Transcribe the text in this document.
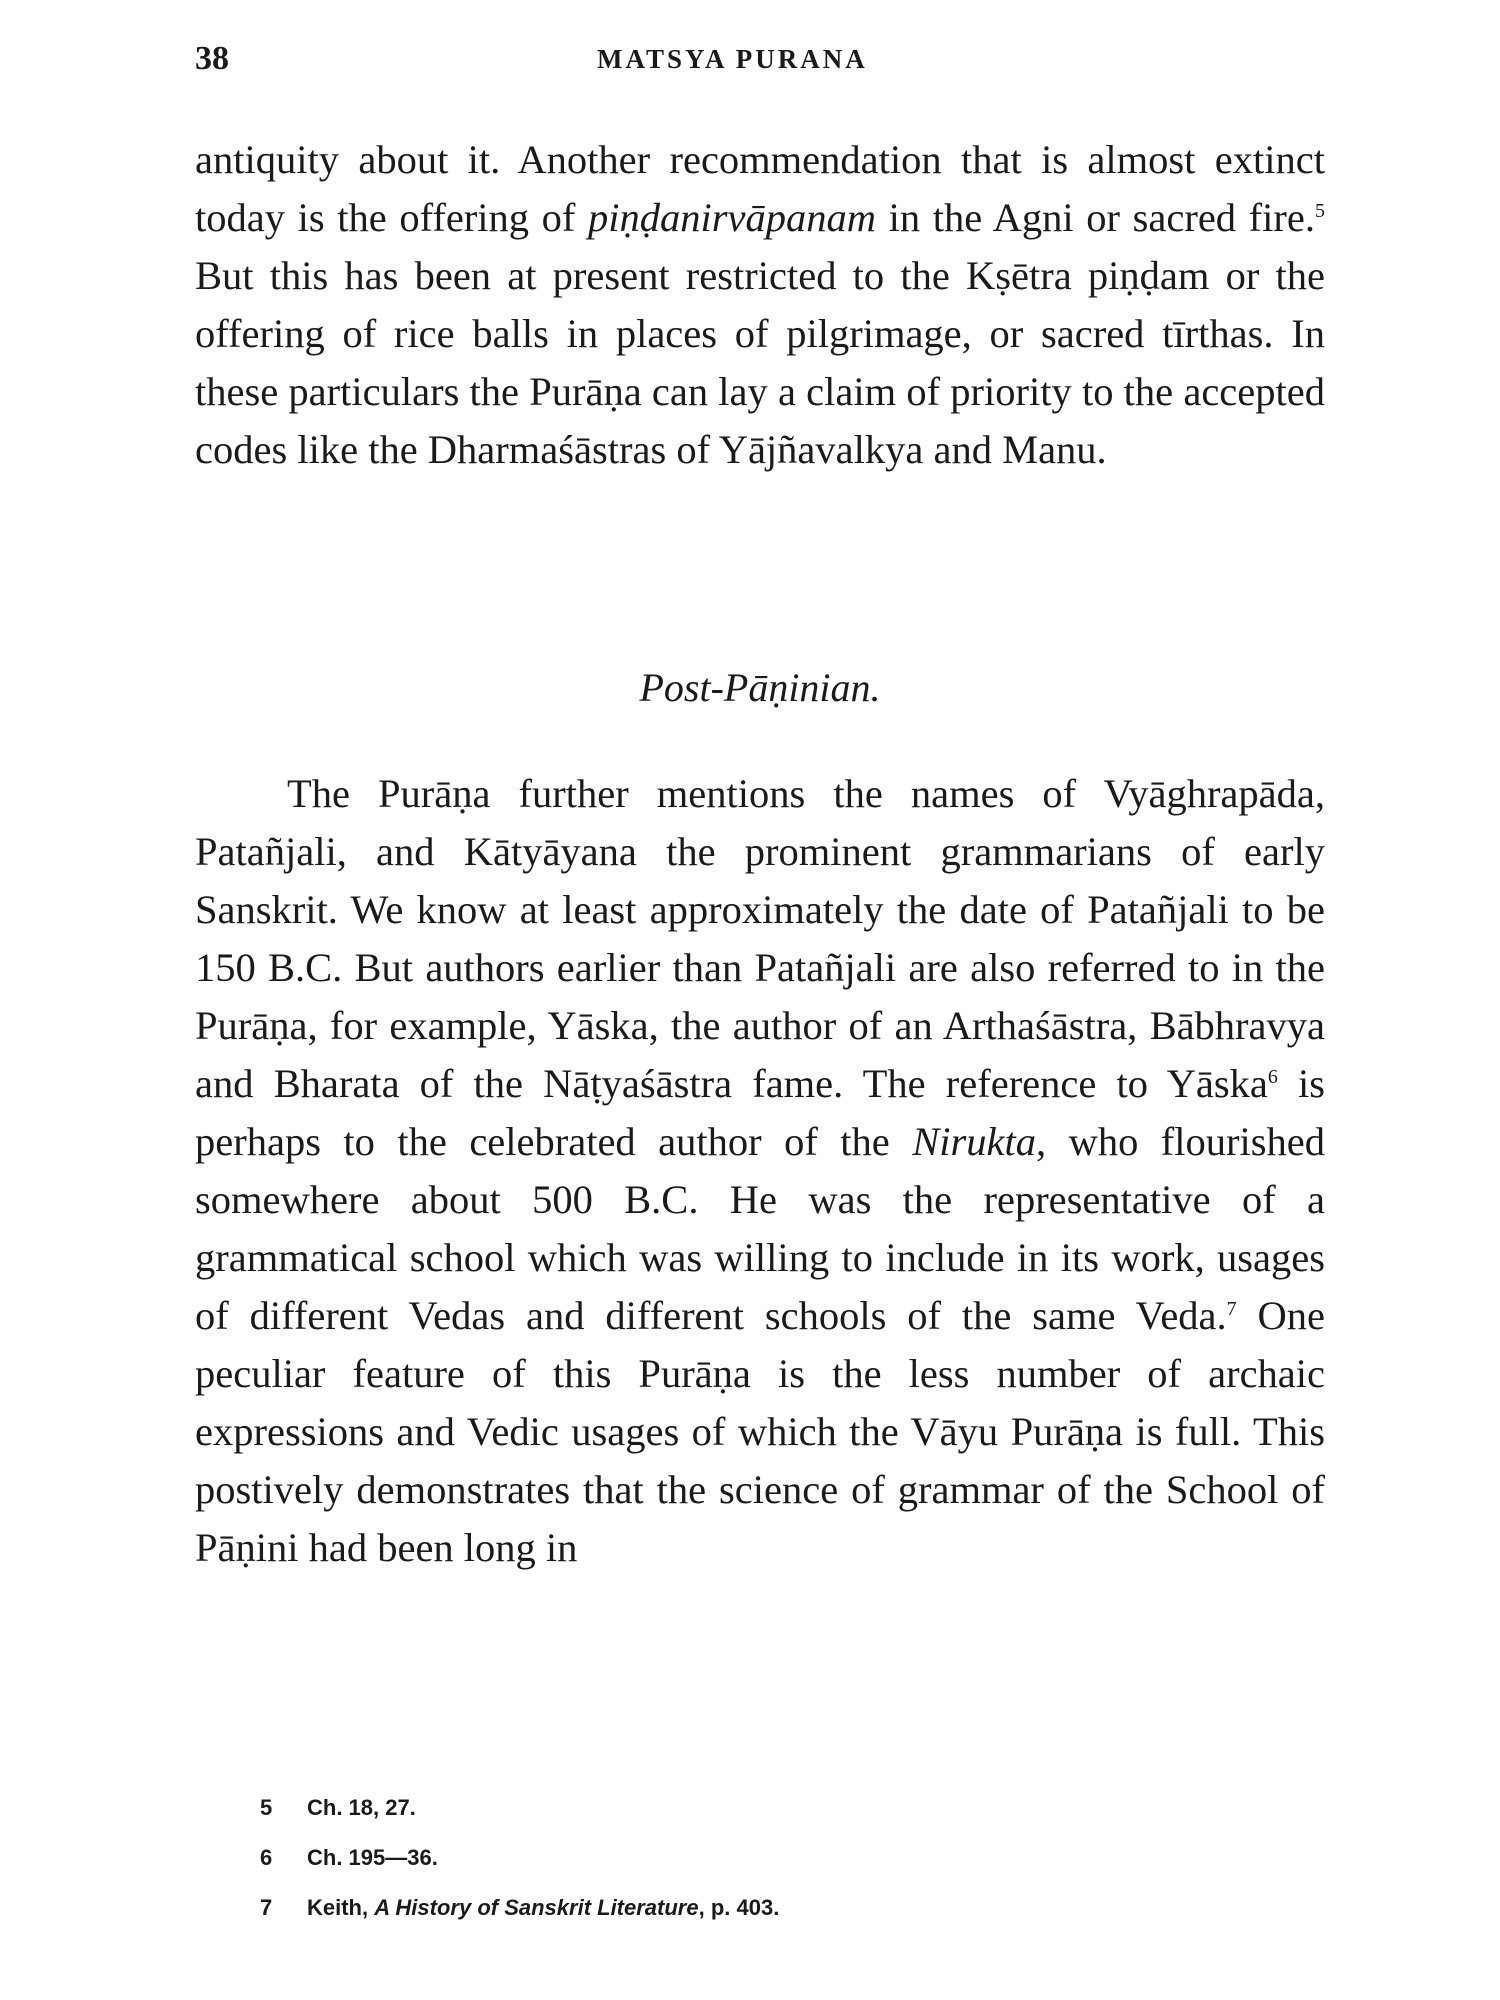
38	MATSYA PURANA

antiquity about it. Another recommendation that is almost extinct today is the offering of piṇḍanirvāpanam in the Agni or sacred fire.$^5$ But this has been at present restricted to the Kṣētra piṇḍam or the offering of rice balls in places of pilgrimage, or sacred tīrthas. In these particulars the Purāṇa can lay a claim of priority to the accepted codes like the Dharmaśāstras of Yājñavalkya and Manu.

Post-Pāṇinian.

The Purāṇa further mentions the names of Vyāghrapāda, Patañjali, and Kātyāyana the prominent grammarians of early Sanskrit. We know at least approximately the date of Patañjali to be 150 B.C. But authors earlier than Patañjali are also referred to in the Purāṇa, for example, Yāska, the author of an Arthaśāstra, Bābhravya and Bharata of the Nāṭyaśāstra fame. The reference to Yāska$^6$ is perhaps to the celebrated author of the Nirukta, who flourished somewhere about 500 B.C. He was the representative of a grammatical school which was willing to include in its work, usages of different Vedas and different schools of the same Veda.$^7$ One peculiar feature of this Purāṇa is the less number of archaic expressions and Vedic usages of which the Vāyu Purāṇa is full. This postively demonstrates that the science of grammar of the School of Pāṇini had been long in

5 Ch. 18, 27.
6 Ch. 195—36.
7 Keith, A History of Sanskrit Literature, p. 403.
